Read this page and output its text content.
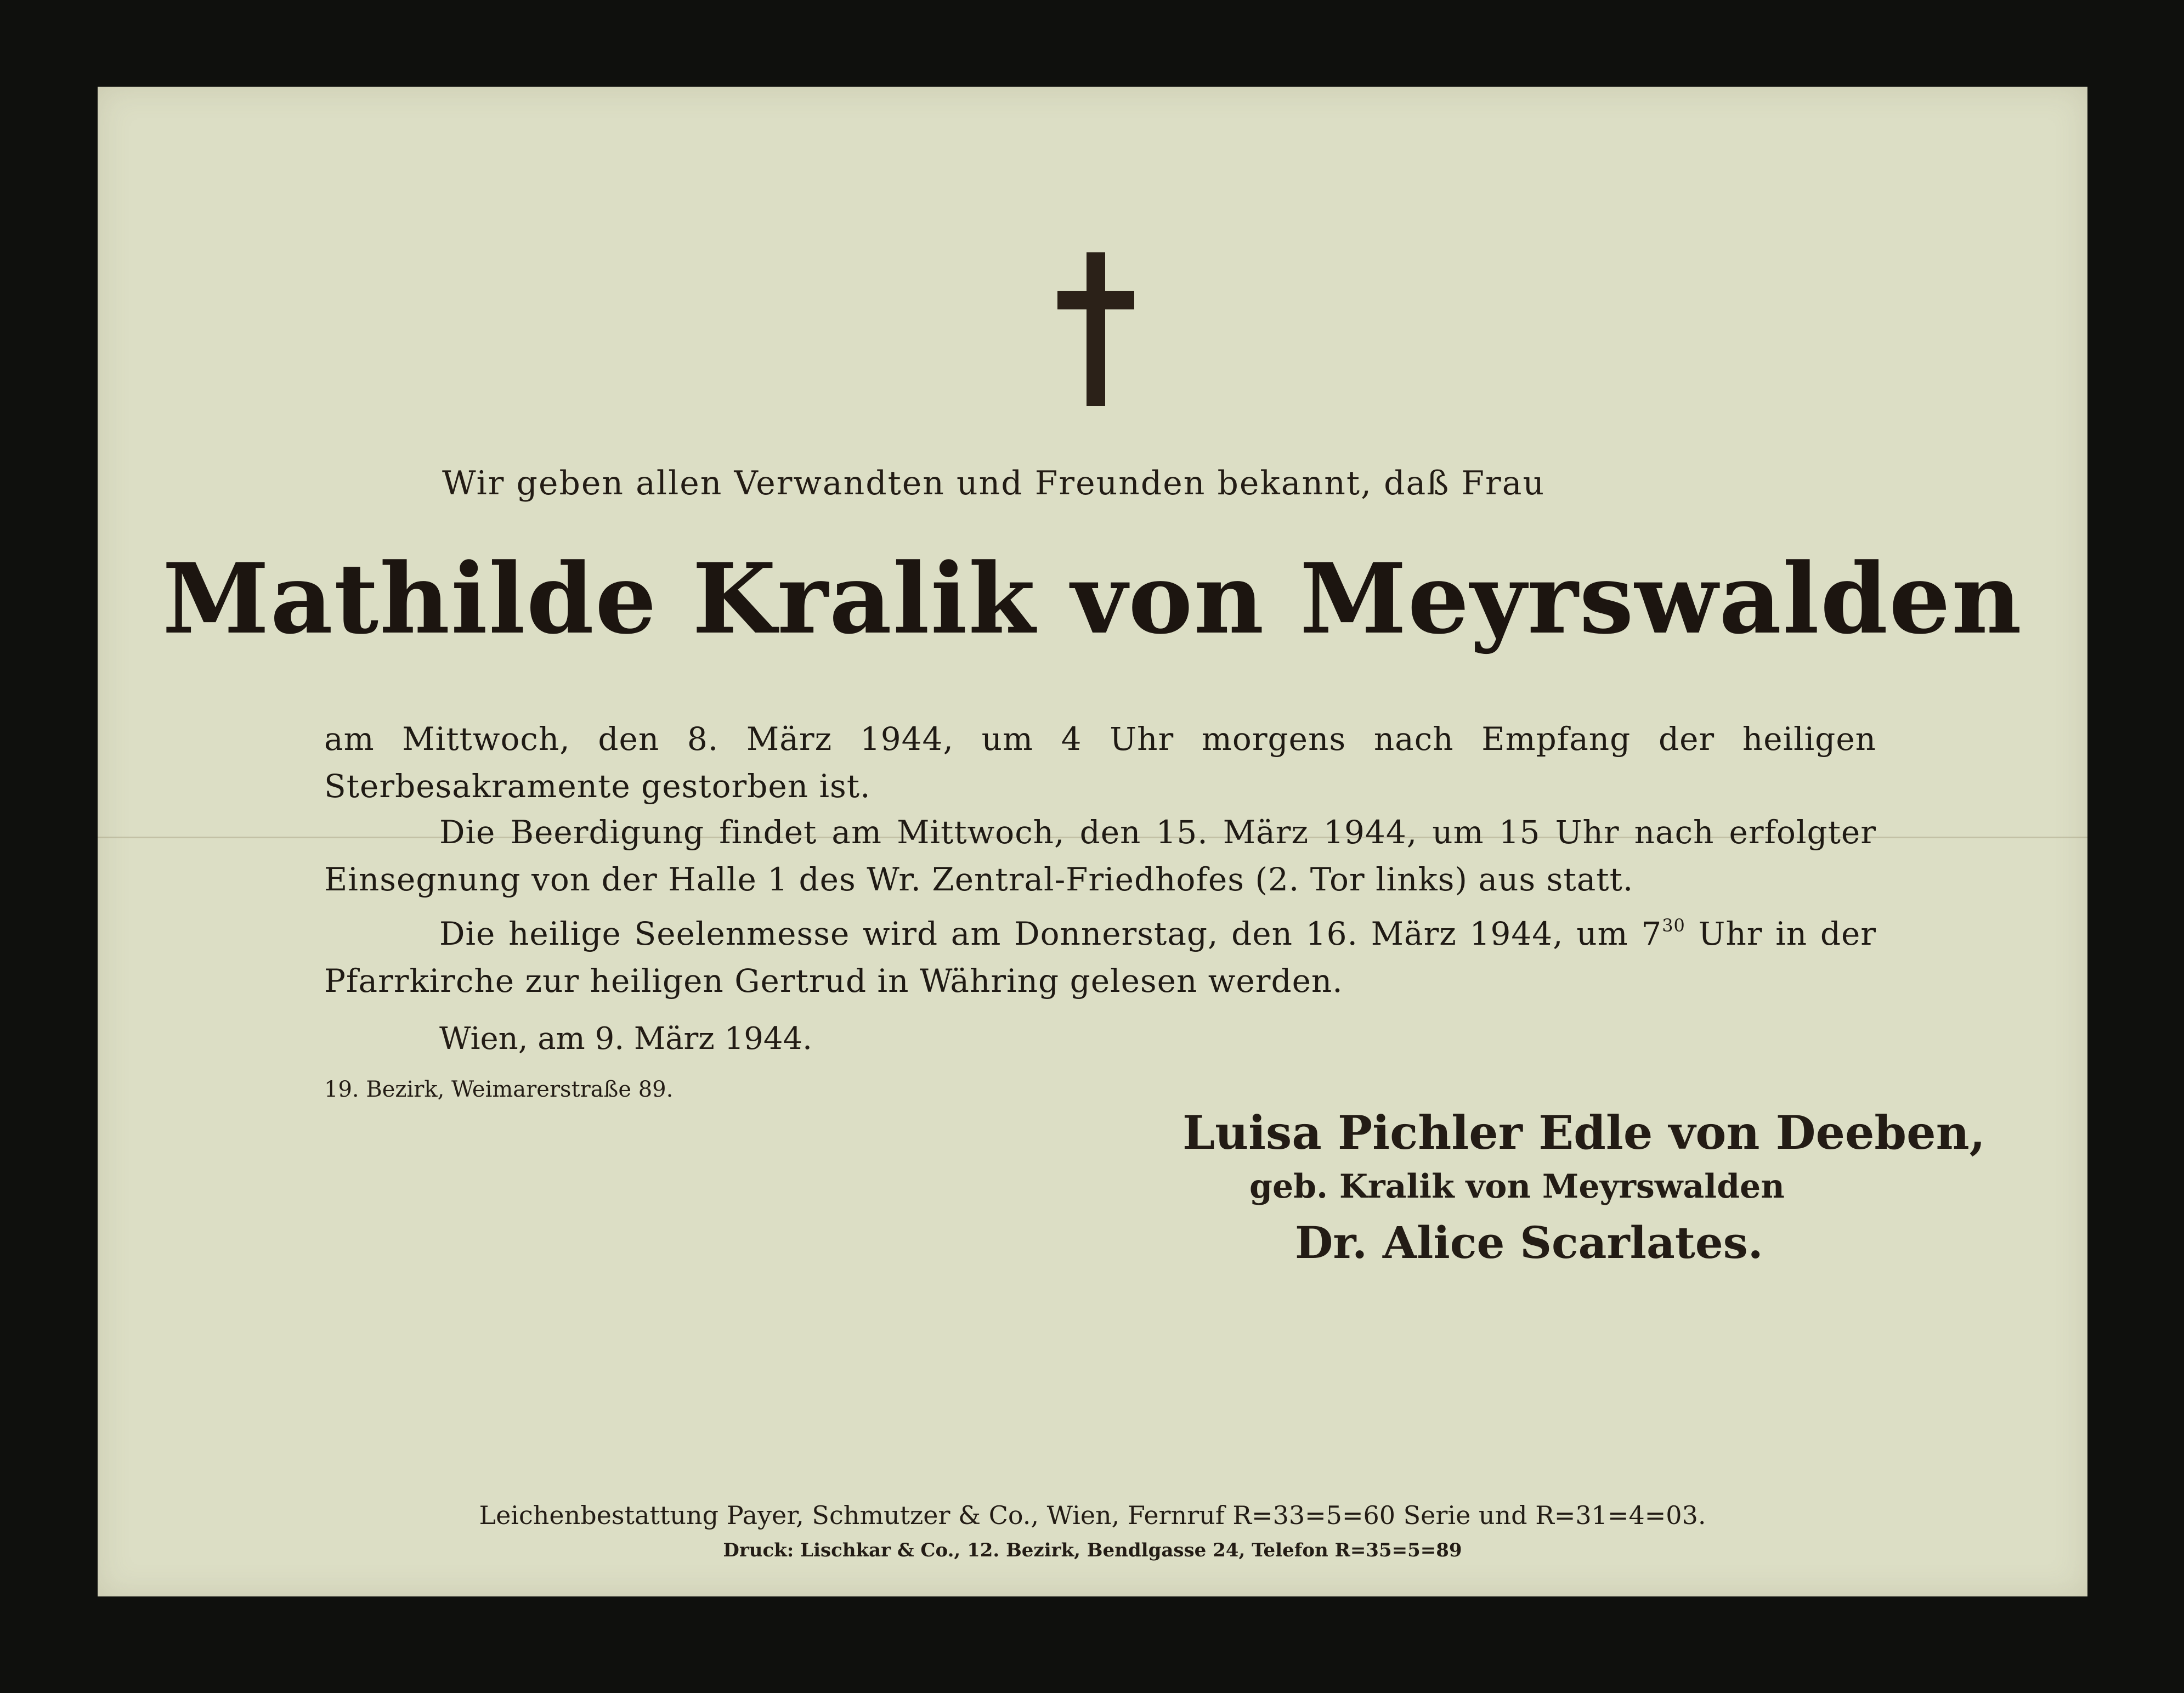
Wir geben allen Verwandten und Freunden bekannt, daß Frau
Mathilde Kralik von Meyrswalden
am Mittwoch, den 8. März 1944, um 4 Uhr morgens nach Empfang der heiligen Sterbesakramente gestorben ist.
Die Beerdigung findet am Mittwoch, den 15. März 1944, um 15 Uhr nach erfolgter Einsegnung von der Halle 1 des Wr. Zentral-Friedhofes (2. Tor links) aus statt.
Die heilige Seelenmesse wird am Donnerstag, den 16. März 1944, um $7^{30}$ Uhr in der Pfarrkirche zur heiligen Gertrud in Währing gelesen werden.
Wien, am 9. März 1944.
19. Bezirk, Weimarerstraße 89.
Luisa Pichler Edle von Deeben,
geb. Kralik von Meyrswalden
Dr. Alice Scarlates.
Leichenbestattung Payer, Schmutzer & Co., Wien, Fernruf R=33=5=60 Serie und R=31=4=03.
Druck: Lischkar & Co., 12. Bezirk, Bendlgasse 24, Telefon R=35=5=89
